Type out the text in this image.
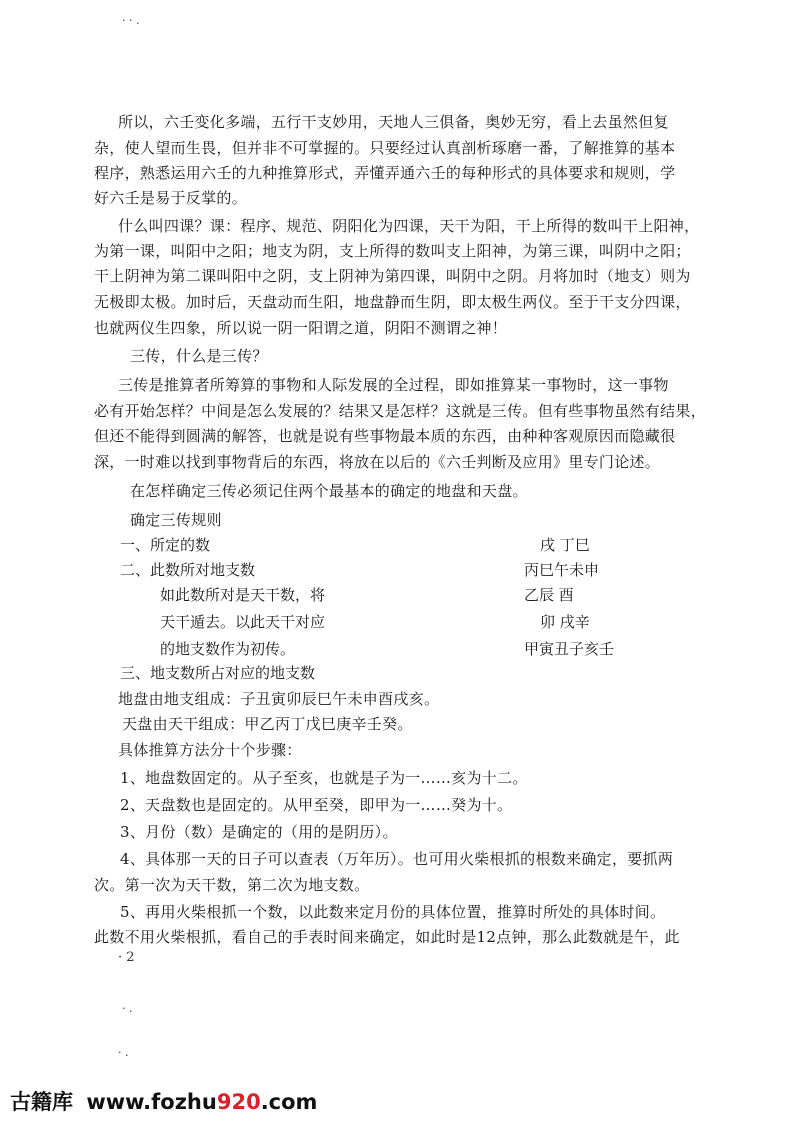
· · .
所以，六壬变化多端，五行干支妙用，天地人三俱备，奥妙无穷，看上去虽然但复
杂，使人望而生畏，但并非不可掌握的。只要经过认真剖析琢磨一番，了解推算的基本
程序，熟悉运用六壬的九种推算形式，弄懂弄通六壬的每种形式的具体要求和规则，学
好六壬是易于反掌的。
什么叫四课？课：程序、规范、阴阳化为四课，天干为阳，干上所得的数叫干上阳神，
为第一课，叫阳中之阳；地支为阴，支上所得的数叫支上阳神，为第三课，叫阴中之阳；
干上阴神为第二课叫阳中之阴，支上阴神为第四课，叫阴中之阴。月将加时（地支）则为
无极即太极。加时后，天盘动而生阳，地盘静而生阴，即太极生两仪。至于干支分四课，
也就两仪生四象，所以说一阴一阳谓之道，阴阳不测谓之神！
三传，什么是三传？
三传是推算者所筹算的事物和人际发展的全过程，即如推算某一事物时，这一事物
必有开始怎样？中间是怎么发展的？结果又是怎样？这就是三传。但有些事物虽然有结果，
但还不能得到圆满的解答，也就是说有些事物最本质的东西，由种种客观原因而隐藏很
深，一时难以找到事物背后的东西，将放在以后的《六壬判断及应用》里专门论述。
在怎样确定三传必须记住两个最基本的确定的地盘和天盘。
确定三传规则
一、所定的数
二、此数所对地支数
如此数所对是天干数，将
天干遁去。以此天干对应
的地支数作为初传。
三、地支数所占对应的地支数
戌 丁巳
丙巳午未申
乙辰 酉
卯 戌辛
甲寅丑子亥壬
地盘由地支组成：子丑寅卯辰巳午未申酉戌亥。
天盘由天干组成：甲乙丙丁戊巳庚辛壬癸。
具体推算方法分十个步骤：
1、地盘数固定的。从子至亥，也就是子为一……亥为十二。
2、天盘数也是固定的。从甲至癸，即甲为一……癸为十。
3、月份（数）是确定的（用的是阴历）。
4、具体那一天的日子可以查表（万年历）。也可用火柴根抓的根数来确定，要抓两
次。第一次为天干数，第二次为地支数。
5、再用火柴根抓一个数，以此数来定月份的具体位置，推算时所处的具体时间。
此数不用火柴根抓，看自己的手表时间来确定，如此时是12点钟，那么此数就是午，此
· 2
· .
· .
古籍库 www.fozhu920.com
